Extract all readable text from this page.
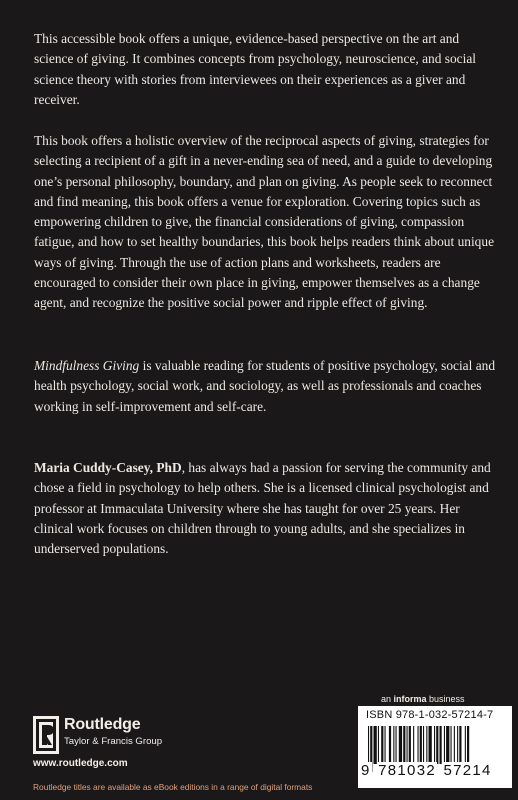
This accessible book offers a unique, evidence-based perspective on the art and science of giving. It combines concepts from psychology, neuroscience, and social science theory with stories from interviewees on their experiences as a giver and receiver.

This book offers a holistic overview of the reciprocal aspects of giving, strategies for selecting a recipient of a gift in a never-ending sea of need, and a guide to developing one’s personal philosophy, boundary, and plan on giving. As people seek to reconnect and find meaning, this book offers a venue for exploration. Covering topics such as empowering children to give, the financial considerations of giving, compassion fatigue, and how to set healthy boundaries, this book helps readers think about unique ways of giving. Through the use of action plans and worksheets, readers are encouraged to consider their own place in giving, empower themselves as a change agent, and recognize the positive social power and ripple effect of giving.

Mindfulness Giving is valuable reading for students of positive psychology, social and health psychology, social work, and sociology, as well as professionals and coaches working in self-improvement and self-care.

Maria Cuddy-Casey, PhD, has always had a passion for serving the community and chose a field in psychology to help others. She is a licensed clinical psychologist and professor at Immaculata University where she has taught for over 25 years. Her clinical work focuses on children through to young adults, and she specializes in underserved populations.

an informa business
ISBN 978-1-032-57214-7
9 781032 57214
Routledge
Taylor & Francis Group
www.routledge.com
Routledge titles are available as eBook editions in a range of digital formats
